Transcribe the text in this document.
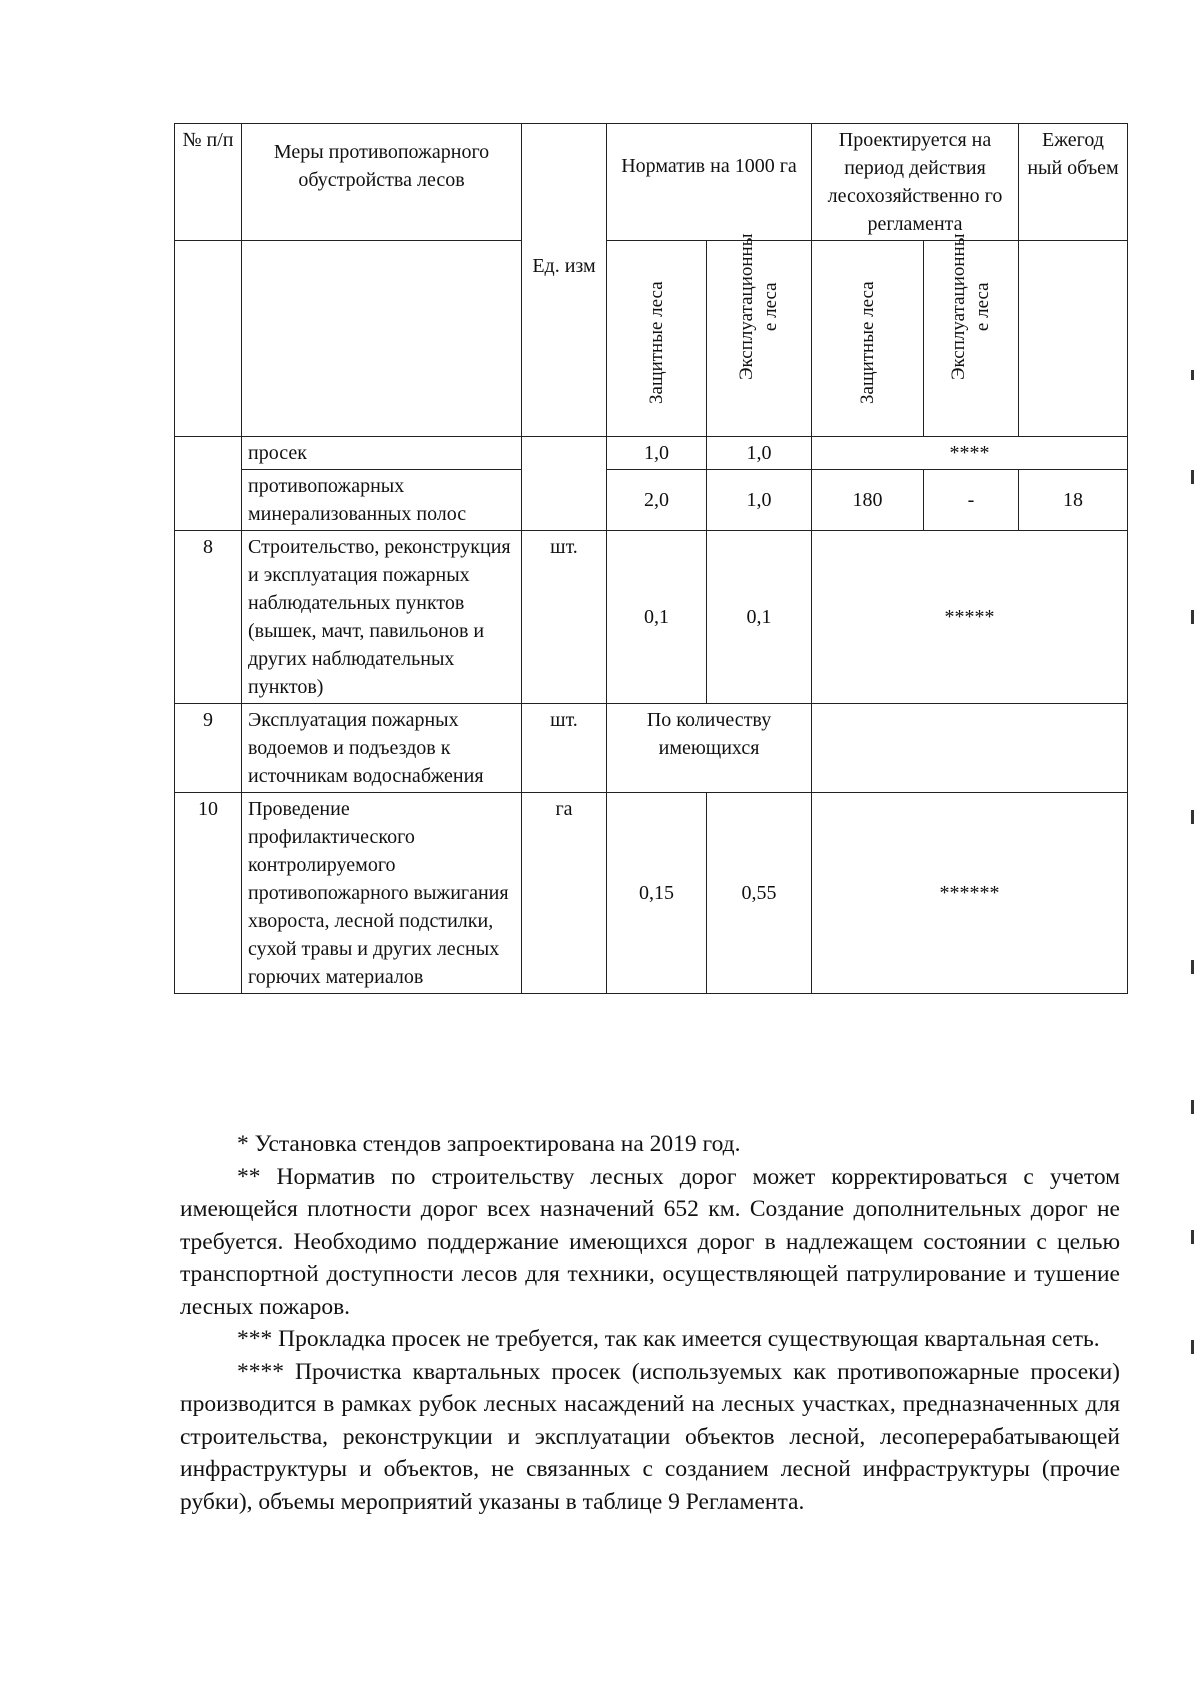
№ п/п	Меры противопожарного обустройства лесов	Ед. изм	Норматив на 1000 га		Проектируется на период действия лесохозяйственно го регламента		Ежегод ный объем

			Защитные леса	Эксплуатационны е леса	Защитные леса	Эксплуатационны е леса	

	просек		1,0	1,0	****		
	противопожарных минерализованных полос		2,0	1,0	180	-	18
8	Строительство, реконструкция и эксплуатация пожарных наблюдательных пунктов (вышек, мачт, павильонов и других наблюдательных пунктов)	шт.	0,1	0,1	*****		
9	Эксплуатация пожарных водоемов и подъездов к источникам водоснабжения	шт.	По количеству имеющихся				
10	Проведение профилактического контролируемого противопожарного выжигания хвороста, лесной подстилки, сухой травы и других лесных горючих материалов	га	0,15	0,55	******		

* Установка стендов запроектирована на 2019 год.

** Норматив по строительству лесных дорог может корректироваться с учетом имеющейся плотности дорог всех назначений 652 км. Создание дополнительных дорог не требуется. Необходимо поддержание имеющихся дорог в надлежащем состоянии с целью транспортной доступности лесов для техники, осуществляющей патрулирование и тушение лесных пожаров.

*** Прокладка просек не требуется, так как имеется существующая квартальная сеть.

**** Прочистка квартальных просек (используемых как противопожарные просеки) производится в рамках рубок лесных насаждений на лесных участках, предназначенных для строительства, реконструкции и эксплуатации объектов лесной, лесоперерабатывающей инфраструктуры и объектов, не связанных с созданием лесной инфраструктуры (прочие рубки), объемы мероприятий указаны в таблице 9 Регламента.
